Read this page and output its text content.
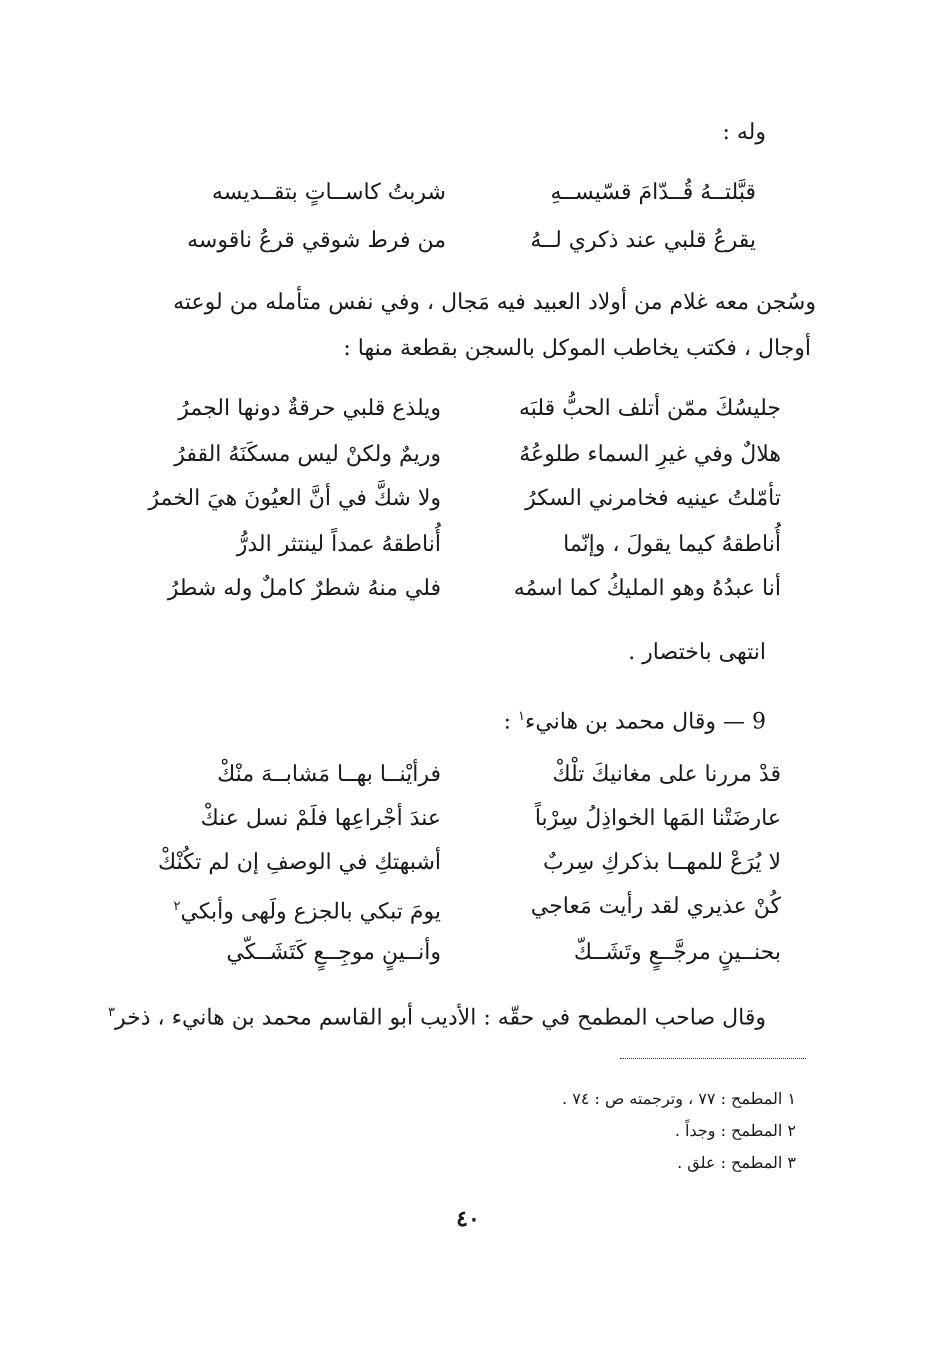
وله :
قبَّلتــهُ قُــدّامَ قسّيســهِ
شربتُ كاســاتٍ بتقــديسه
يقرعُ قلبي عند ذكري لــهُ
من فرط شوقي قرعُ ناقوسه
وسُجن معه غلام من أولاد العبيد فيه مَجال ، وفي نفس متأمله من لوعته
أوجال ، فكتب يخاطب الموكل بالسجن بقطعة منها :
جليسُكَ ممّن أتلف الحبُّ قلبَه
ويلذع قلبي حرقةٌ دونها الجمرُ
هلالٌ وفي غيرِ السماء طلوعُهُ
وريمٌ ولكنْ ليس مسكَنَهُ القفرُ
تأمّلتُ عينيه فخامرني السكرُ
ولا شكَّ في أنَّ العيُونَ هيَ الخمرُ
أُناطقهُ كيما يقولَ ، وإنّما
أُناطقهُ عمداً لينتثر الدرُّ
أنا عبدُهُ وهو المليكُ كما اسمُه
فلي منهُ شطرٌ كاملٌ وله شطرُ
انتهى باختصار .
9 — وقال محمد بن هانيء$^١$ :
قدْ مررنا على مغانيكَ تلْكْ
فرأيْنــا بهــا مَشابــهَ منْكْ
عارضَتْنا المَها الخواذِلُ سِرْباً
عندَ أجْراعِها فلَمْ نسل عنكْ
لا يُرَعْ للمهــا بذكركِ سِربٌ
أشبهتكِ في الوصفِ إن لم تكُنْكْ
كُنْ عذيري لقد رأيت مَعاجي
يومَ تبكي بالجزع ولَهى وأبكي$^٢$
بحنــينٍ مرجَّــعٍ وتَشَــكّ
وأنــينٍ موجِــعٍ كَتَشَــكّي
وقال صاحب المطمح في حقّه : الأديب أبو القاسم محمد بن هانيء ، ذخر$^٣$
١ المطمح : ٧٧ ، وترجمته ص : ٧٤ .
٢ المطمح : وجداً .
٣ المطمح : علق .
٤٠
